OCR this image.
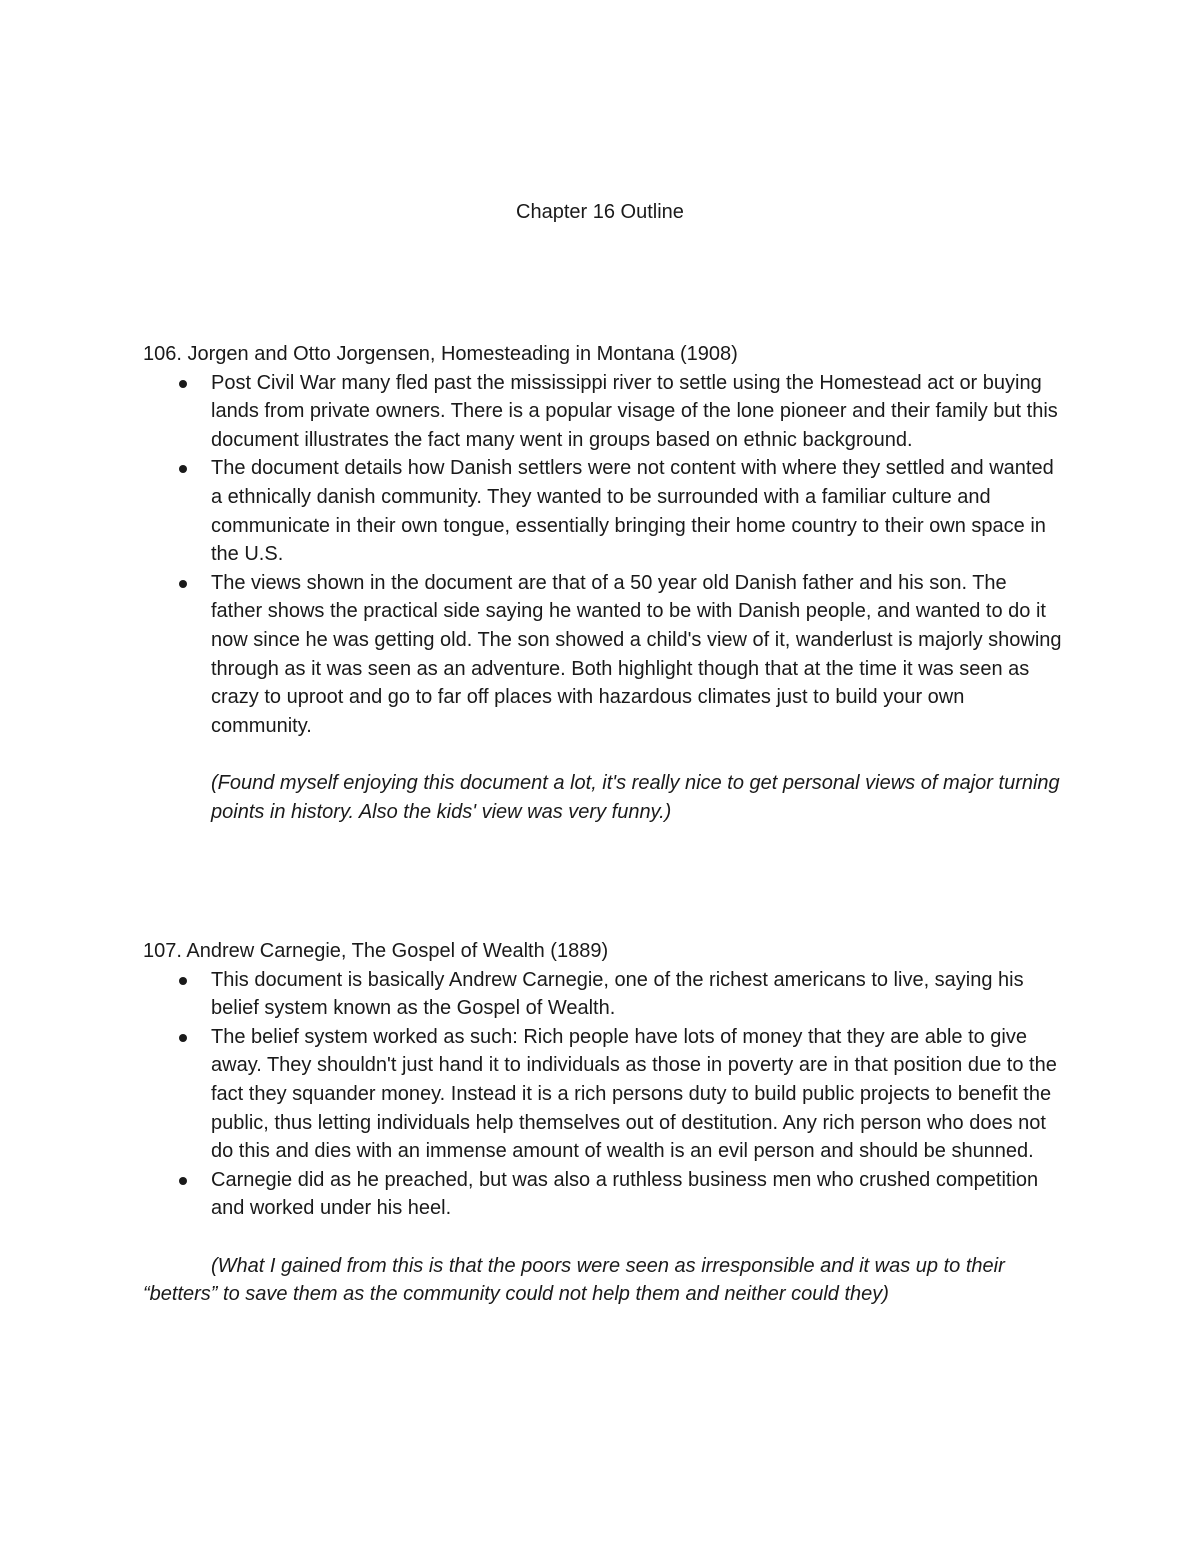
Chapter 16 Outline
106. Jorgen and Otto Jorgensen, Homesteading in Montana (1908)
Post Civil War many fled past the mississippi river to settle using the Homestead act or buying lands from private owners. There is a popular visage of the lone pioneer and their family but this document illustrates the fact many went in groups based on ethnic background.
The document details how Danish settlers were not content with where they settled and wanted a ethnically danish community. They wanted to be surrounded with a familiar culture and communicate in their own tongue, essentially bringing their home country to their own space in the U.S.
The views shown in the document are that of a 50 year old Danish father and his son. The father shows the practical side saying he wanted to be with Danish people, and wanted to do it now since he was getting old. The son showed a child's view of it, wanderlust is majorly showing through as it was seen as an adventure. Both highlight though that at the time it was seen as crazy to uproot and go to far off places with hazardous climates just to build your own community.
(Found myself enjoying this document a lot, it's really nice to get personal views of major turning points in history. Also the kids' view was very funny.)
107. Andrew Carnegie, The Gospel of Wealth (1889)
This document is basically Andrew Carnegie, one of the richest americans to live, saying his belief system known as the Gospel of Wealth.
The belief system worked as such: Rich people have lots of money that they are able to give away. They shouldn't just hand it to individuals as those in poverty are in that position due to the fact they squander money. Instead it is a rich persons duty to build public projects to benefit the public, thus letting individuals help themselves out of destitution. Any rich person who does not do this and dies with an immense amount of wealth is an evil person and should be shunned.
Carnegie did as he preached, but was also a ruthless business men who crushed competition and worked under his heel.
(What I gained from this is that the poors were seen as irresponsible and it was up to their “betters” to save them as the community could not help them and neither could they)
